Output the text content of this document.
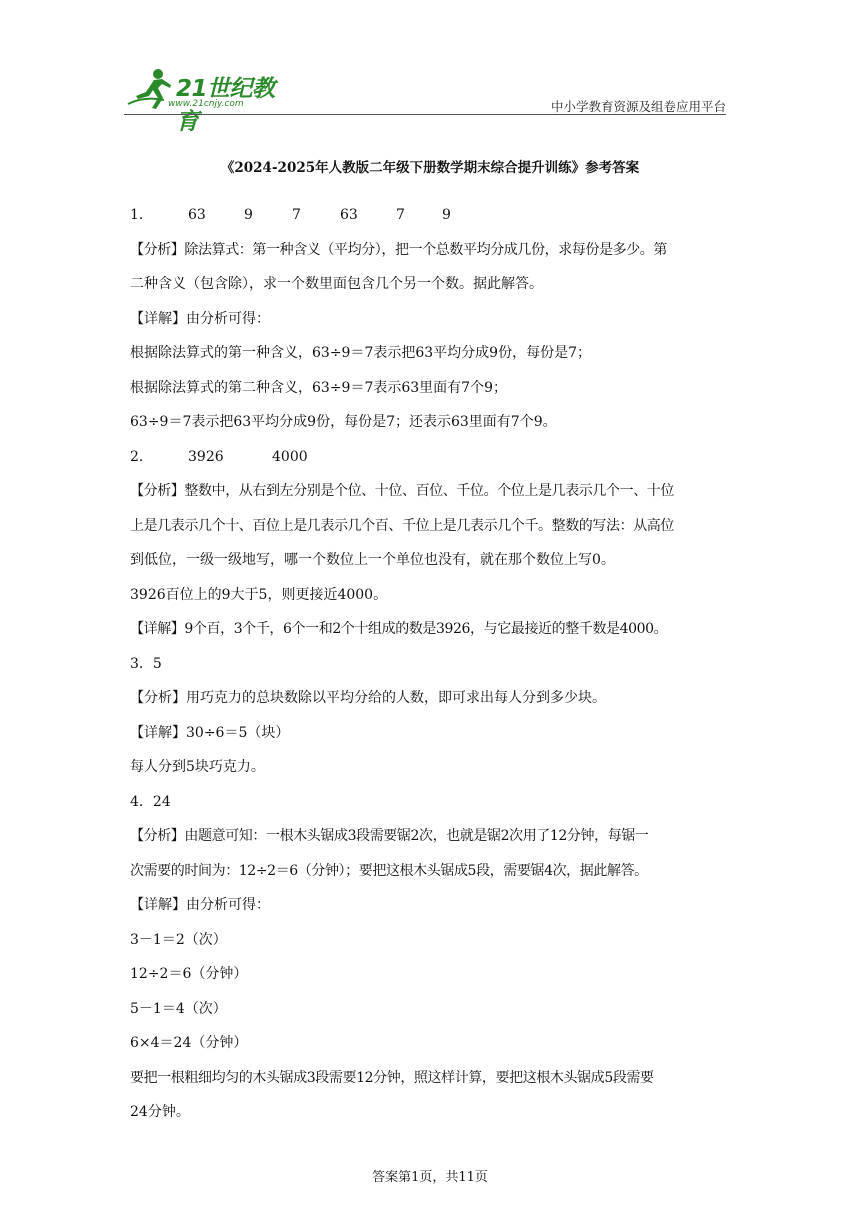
21世纪教育
www.21cnjy.com	中小学教育资源及组卷应用平台
《2024-2025年人教版二年级下册数学期末综合提升训练》参考答案
1．	63	9	7	63	7	9
【分析】除法算式：第一种含义（平均分），把一个总数平均分成几份，求每份是多少。第
二种含义（包含除），求一个数里面包含几个另一个数。据此解答。
【详解】由分析可得：
根据除法算式的第一种含义，63÷9＝7表示把63平均分成9份，每份是7；
根据除法算式的第二种含义，63÷9＝7表示63里面有7个9；
63÷9＝7表示把63平均分成9份，每份是7；还表示63里面有7个9。
2．	3926	4000
【分析】整数中，从右到左分别是个位、十位、百位、千位。个位上是几表示几个一、十位
上是几表示几个十、百位上是几表示几个百、千位上是几表示几个千。整数的写法：从高位
到低位，一级一级地写，哪一个数位上一个单位也没有，就在那个数位上写0。
3926百位上的9大于5，则更接近4000。
【详解】9个百，3个千，6个一和2个十组成的数是3926，与它最接近的整千数是4000。
3．5
【分析】用巧克力的总块数除以平均分给的人数，即可求出每人分到多少块。
【详解】30÷6＝5（块）
每人分到5块巧克力。
4．24
【分析】由题意可知：一根木头锯成3段需要锯2次，也就是锯2次用了12分钟，每锯一
次需要的时间为：12÷2＝6（分钟）；要把这根木头锯成5段，需要锯4次，据此解答。
【详解】由分析可得：
3－1＝2（次）
12÷2＝6（分钟）
5－1＝4（次）
6×4＝24（分钟）
要把一根粗细均匀的木头锯成3段需要12分钟，照这样计算，要把这根木头锯成5段需要
24分钟。
答案第1页，共11页
